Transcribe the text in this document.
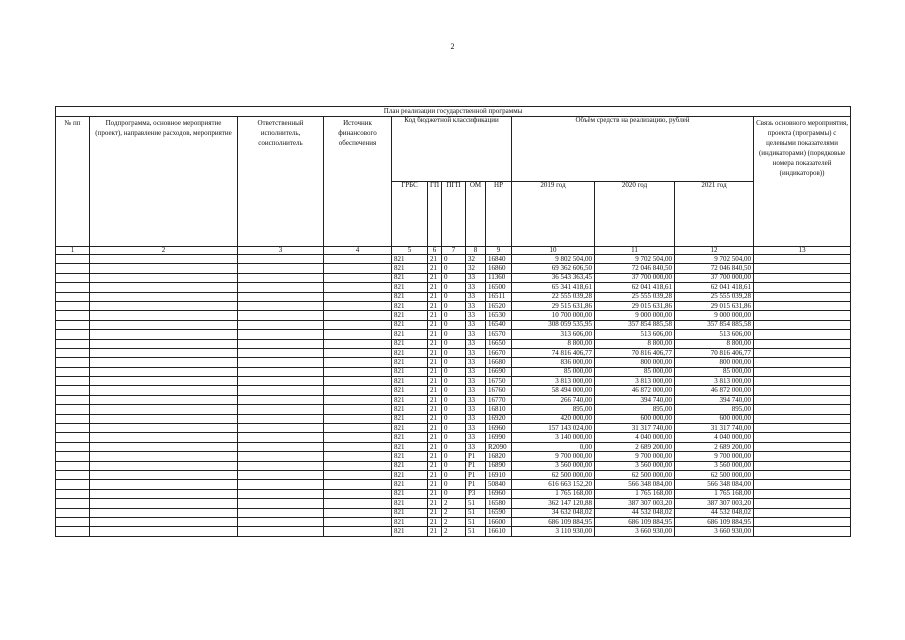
2
План реализации государственной программы												
№ пп	Подпрограмма, основное мероприятие (проект), направление расходов, мероприятие	Ответственный исполнитель, соисполнитель	Источник финансового обеспечения	Код бюджетной классификации					Объём средств на реализацию, рублей			Связь основного мероприятия, проекта (программы) с целевыми показателями (индикаторами) (порядковые номера показателей (индикаторов))
				ГРБС	ГП	ПГП	ОМ	НР	2019 год	2020 год	2021 год	
1	2	3	4	5	6	7	8	9	10	11	12	13
				821	21	0	32	16840	9 802 504,00	9 702 504,00	9 702 504,00	
				821	21	0	32	16860	69 362 606,50	72 046 840,50	72 046 840,50	
				821	21	0	33	11360	36 543 363,45	37 700 000,00	37 700 000,00	
				821	21	0	33	16500	65 341 418,61	62 041 418,61	62 041 418,61	
				821	21	0	33	16511	22 555 039,28	25 555 039,28	25 555 039,28	
				821	21	0	33	16520	29 515 631,86	29 015 631,86	29 015 631,86	
				821	21	0	33	16530	10 700 000,00	9 000 000,00	9 000 000,00	
				821	21	0	33	16540	308 059 535,95	357 854 885,58	357 854 885,58	
				821	21	0	33	16570	313 606,00	513 606,00	513 606,00	
				821	21	0	33	16650	8 800,00	8 800,00	8 800,00	
				821	21	0	33	16670	74 816 406,77	70 816 406,77	70 816 406,77	
				821	21	0	33	16680	836 000,00	800 000,00	800 000,00	
				821	21	0	33	16690	85 000,00	85 000,00	85 000,00	
				821	21	0	33	16750	3 813 000,00	3 813 000,00	3 813 000,00	
				821	21	0	33	16760	58 494 000,00	46 872 000,00	46 872 000,00	
				821	21	0	33	16770	266 740,00	394 740,00	394 740,00	
				821	21	0	33	16810	895,00	895,00	895,00	
				821	21	0	33	16920	420 000,00	600 000,00	600 000,00	
				821	21	0	33	16960	157 143 024,00	31 317 740,00	31 317 740,00	
				821	21	0	33	16990	3 140 000,00	4 040 000,00	4 040 000,00	
				821	21	0	33	R2090	0,00	2 689 200,00	2 689 200,00	
				821	21	0	P1	16820	9 700 000,00	9 700 000,00	9 700 000,00	
				821	21	0	P1	16890	3 560 000,00	3 560 000,00	3 560 000,00	
				821	21	0	P1	16910	62 500 000,00	62 500 000,00	62 500 000,00	
				821	21	0	P1	50840	616 663 152,20	566 348 084,00	566 348 084,00	
				821	21	0	P3	16960	1 765 168,00	1 765 168,00	1 765 168,00	
				821	21	2	51	16580	362 147 120,88	387 307 003,20	387 307 003,20	
				821	21	2	51	16590	34 632 048,02	44 532 048,02	44 532 048,02	
				821	21	2	51	16600	686 109 884,95	686 109 884,95	686 109 884,95	
				821	21	2	51	16610	3 110 930,00	3 660 930,00	3 660 930,00	
